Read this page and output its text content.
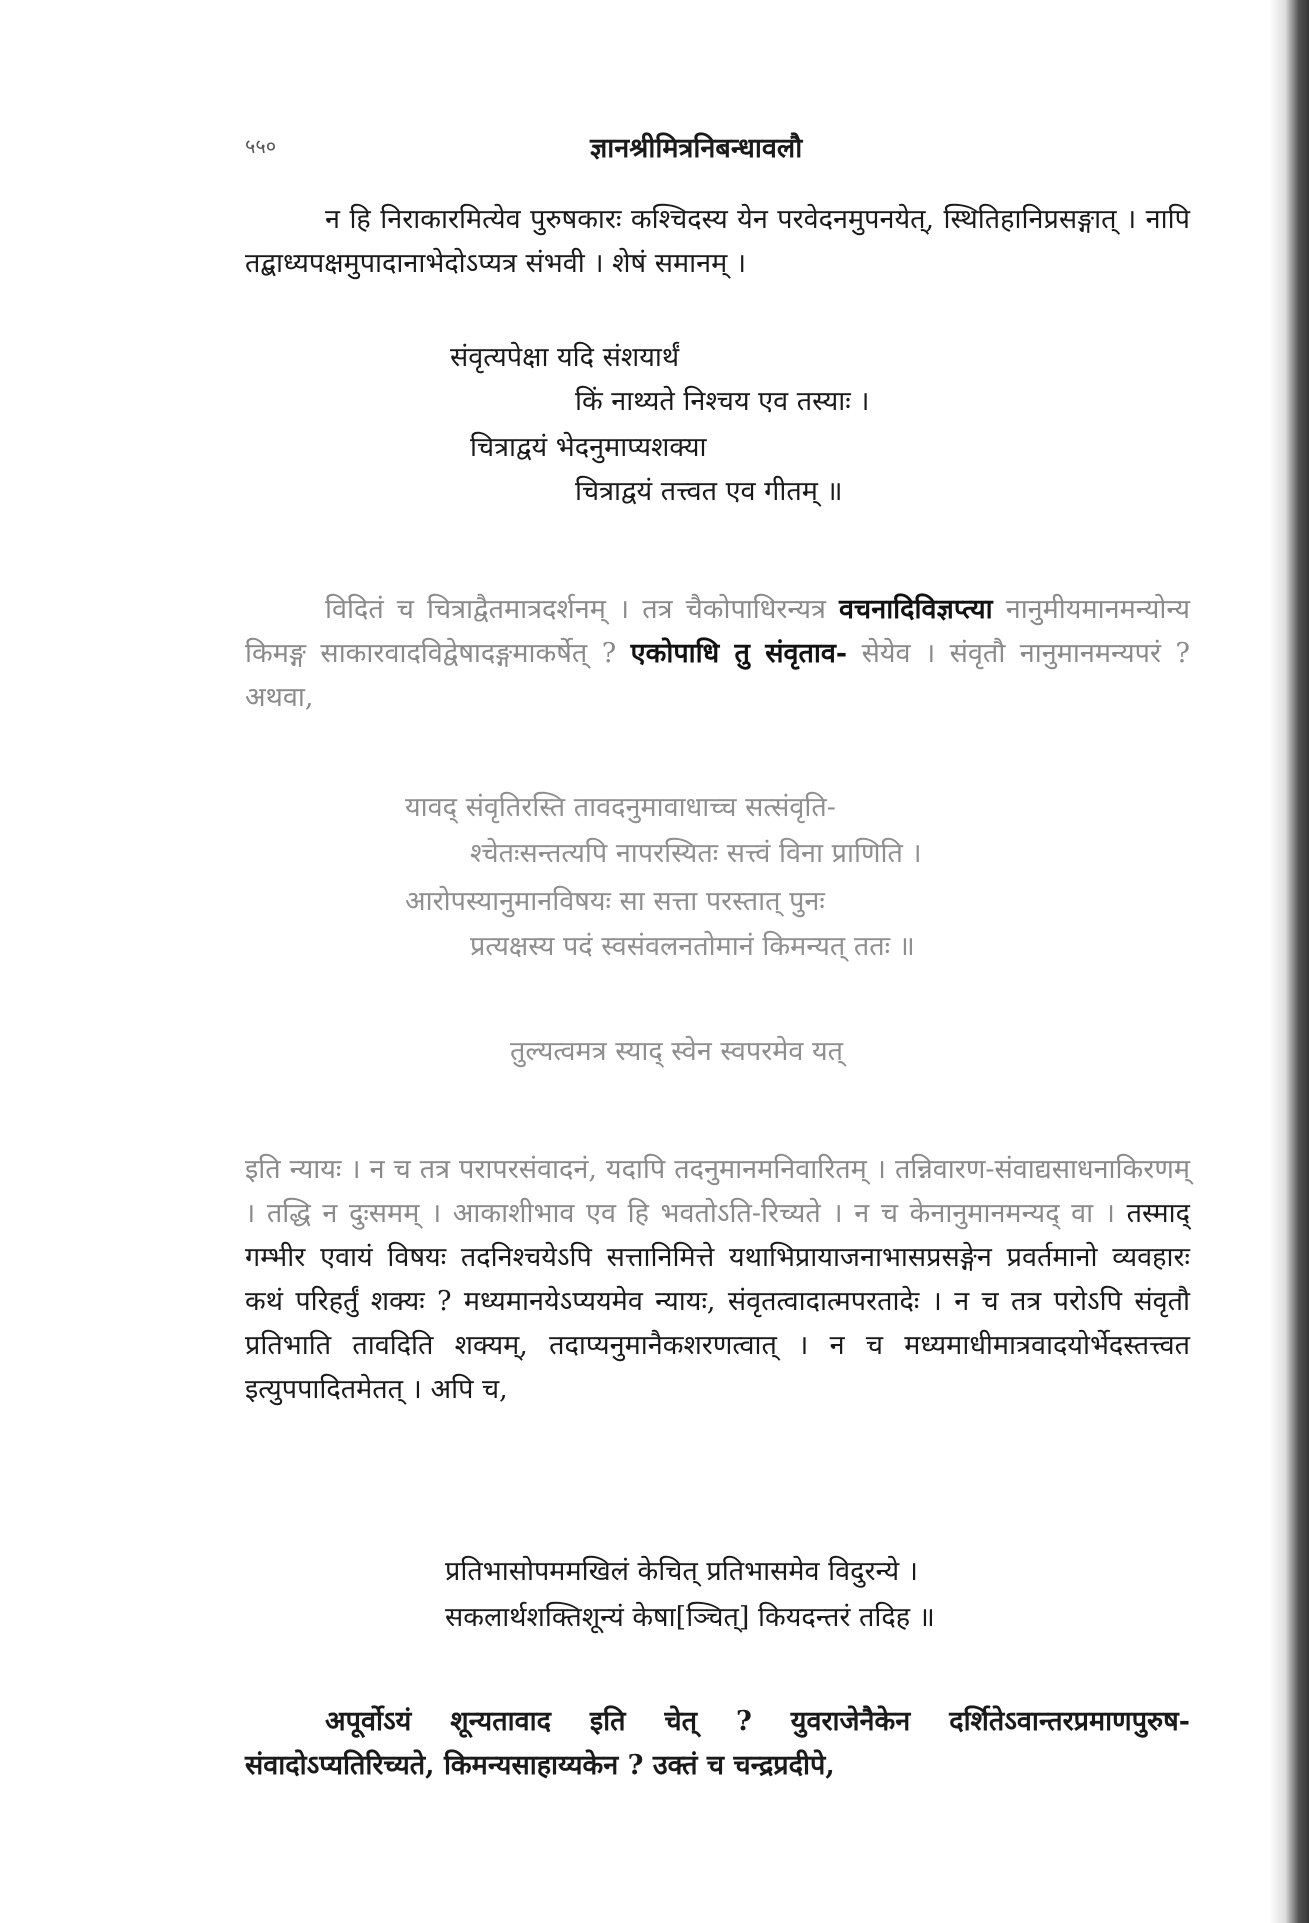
५५०	ज्ञानश्रीमित्रनिबन्धावलौ
न हि निराकारमित्येव पुरुषकारः कश्चिदस्य येन परवेदनमुपनयेत्, स्थितिहानिप्रसङ्गात् । नापि तद्बाध्यपक्षमुपादानाभेदोऽप्यत्र संभवी । शेषं समानम् ।
संवृत्यपेक्षा यदि संशयार्थं
किं नाथ्यते निश्चय एव तस्याः ।
चित्राद्वयं भेदनुमाप्यशक्या
चित्राद्वयं तत्त्वत एव गीतम् ॥
विदितं च चित्राद्वैतमात्रदर्शनम् । तत्र चैकोपाधिरन्यत्र वचनादिविज्ञप्त्या नानुमीयमानमन्योन्य किमङ्ग साकारवादविद्वेषादङ्गमाकर्षेत् ? एकोपाधि तु संवृताव- सेयेव । संवृतौ नानुमानमन्यपरं ? अथवा,
यावद् संवृतिरस्ति तावदनुमावाधाच्च सत्संवृति-
श्चेतःसन्तत्यपि नापरस्यितः सत्त्वं विना प्राणिति ।
आरोपस्यानुमानविषयः सा सत्ता परस्तात् पुनः
प्रत्यक्षस्य पदं स्वसंवलनतोमानं किमन्यत् ततः ॥
तुल्यत्वमत्र स्याद् स्वेन स्वपरमेव यत्
इति न्यायः । न च तत्र परापरसंवादनं, यदापि तदनुमानमनिवारितम् । तन्निवारण-संवाद्यसाधनाकिरणम् । तद्धि न दुःसमम् । आकाशीभाव एव हि भवतोऽति-रिच्यते । न च केनानुमानमन्यद् वा । तस्माद् गम्भीर एवायं विषयः तदनिश्चयेऽपि सत्तानिमित्ते यथाभिप्रायाजनाभासप्रसङ्गेन प्रवर्तमानो व्यवहारः कथं परिहर्तुं शक्यः ? मध्यमानयेऽप्ययमेव न्यायः, संवृतत्वादात्मपरतादेः । न च तत्र परोऽपि संवृतौ प्रतिभाति तावदिति शक्यम्, तदाप्यनुमानैकशरणत्वात् । न च मध्यमाधीमात्रवादयोर्भेदस्तत्त्वत इत्युपपादितमेतत् । अपि च,
प्रतिभासोपममखिलं केचित् प्रतिभासमेव विदुरन्ये ।
सकलार्थशक्तिशून्यं केषा[ञ्चित्] कियदन्तरं तदिह ॥
अपूर्वोऽयं शून्यतावाद इति चेत् ? युवराजेनैकेन दर्शितेऽवान्तरप्रमाणपुरुष-संवादोऽप्यतिरिच्यते, किमन्यसाहाय्यकेन ? उक्तं च चन्द्रप्रदीपे,
